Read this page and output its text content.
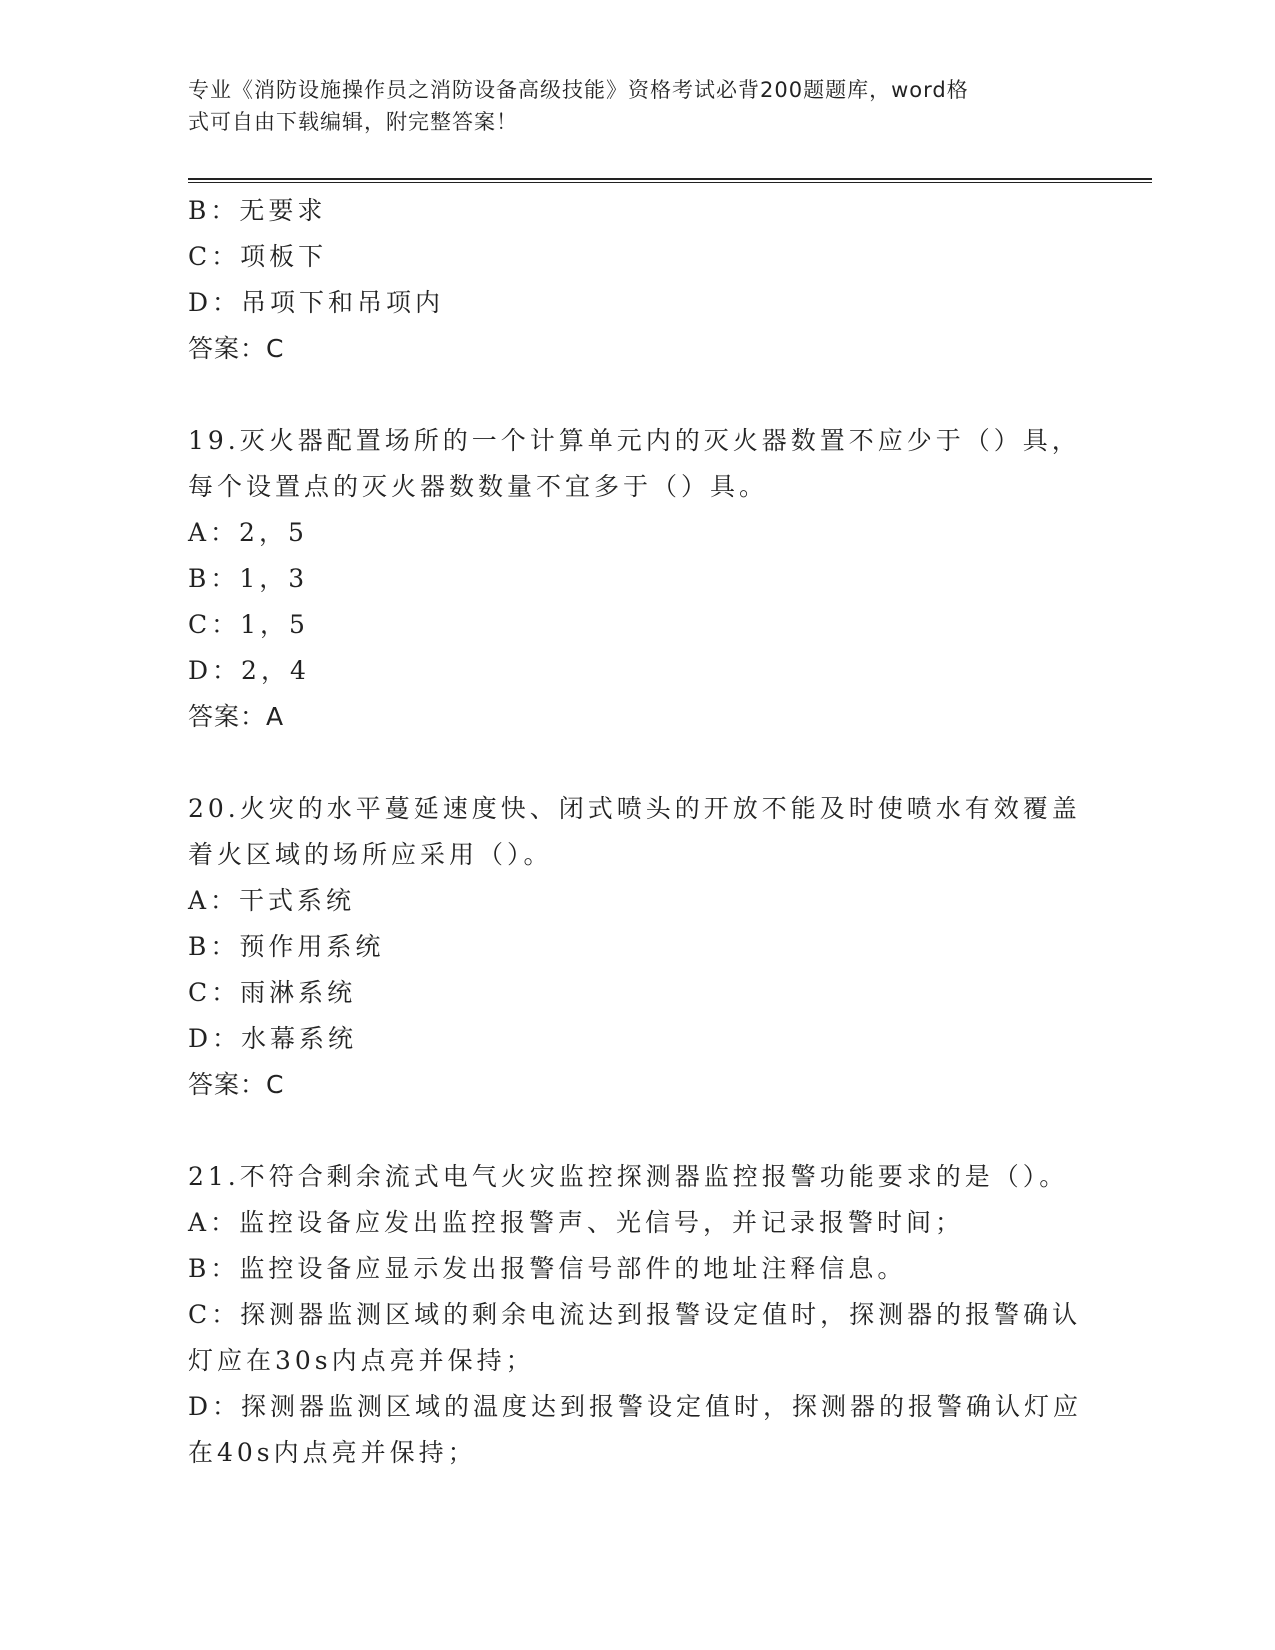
专业《消防设施操作员之消防设备高级技能》资格考试必背200题题库，word格
式可自由下载编辑，附完整答案！
B：无要求
C：项板下
D：吊项下和吊项内
答案：C
19.灭火器配置场所的一个计算单元内的灭火器数置不应少于（）具，
每个设置点的灭火器数数量不宜多于（）具。
A：2，5
B：1，3
C：1，5
D：2，4
答案：A
20.火灾的水平蔓延速度快、闭式喷头的开放不能及时使喷水有效覆盖
着火区域的场所应采用（）。
A：干式系统
B：预作用系统
C：雨淋系统
D：水幕系统
答案：C
21.不符合剩余流式电气火灾监控探测器监控报警功能要求的是（）。
A：监控设备应发出监控报警声、光信号，并记录报警时间；
B：监控设备应显示发出报警信号部件的地址注释信息。
C：探测器监测区域的剩余电流达到报警设定值时，探测器的报警确认
灯应在30s内点亮并保持；
D：探测器监测区域的温度达到报警设定值时，探测器的报警确认灯应
在40s内点亮并保持；
